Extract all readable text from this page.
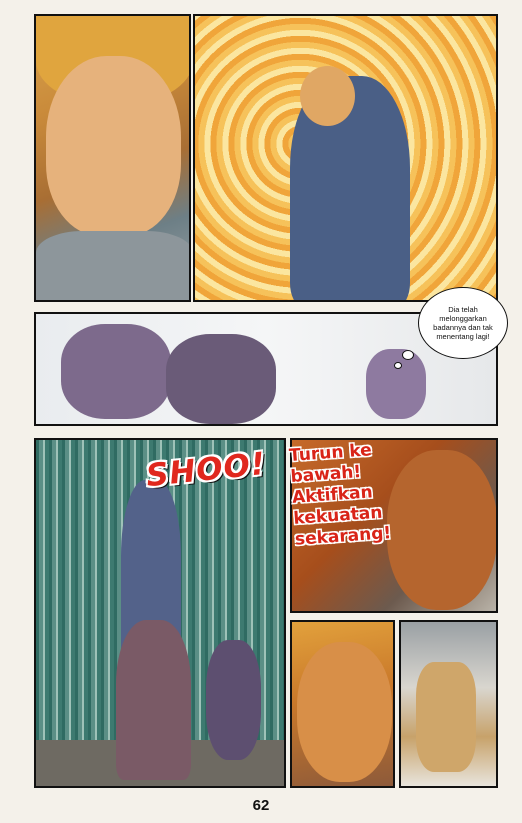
Dia telah melonggarkan badannya dan tak menentang lagi!
SHOO! Turun ke
bawah!
Aktifkan
kekuatan
sekarang!
62
